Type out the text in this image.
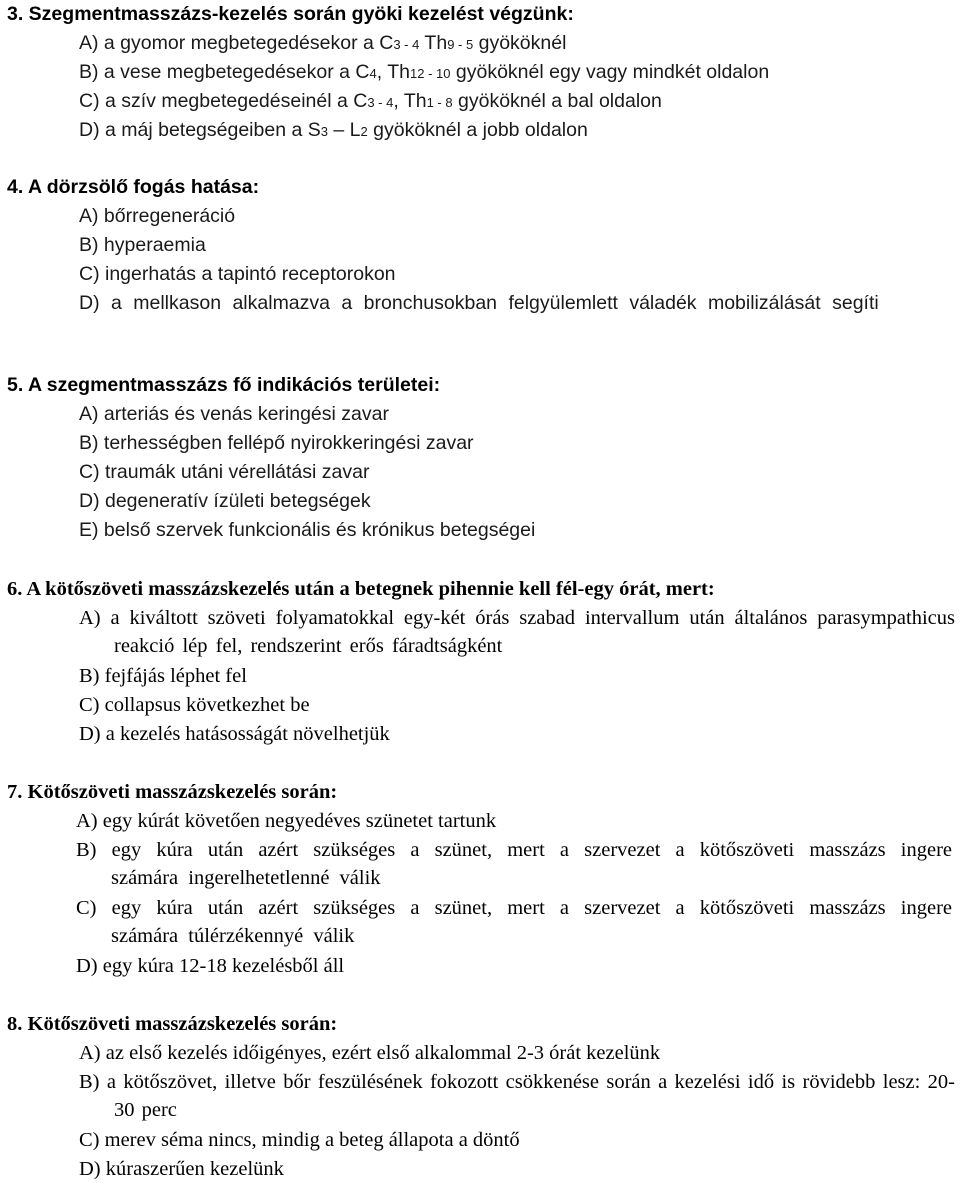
3. Szegmentmasszázs-kezelés során gyöki kezelést végzünk:
A) a gyomor megbetegedésekor a C3 - 4 Th9 - 5 gyököknél
B) a vese megbetegedésekor a C4, Th12 - 10 gyököknél egy vagy mindkét oldalon
C) a szív megbetegedéseinél a C3 - 4, Th1 - 8 gyököknél a bal oldalon
D) a máj betegségeiben a S3 – L2 gyököknél a jobb oldalon
4. A dörzsölő fogás hatása:
A) bőrregeneráció
B) hyperaemia
C) ingerhatás a tapintó receptorokon
D) a mellkason alkalmazva a bronchusokban felgyülemlett váladék mobilizálását segíti
5. A szegmentmasszázs fő indikációs területei:
A) arteriás és venás keringési zavar
B) terhességben fellépő nyirokkeringési zavar
C) traumák utáni vérellátási zavar
D) degeneratív ízületi betegségek
E) belső szervek funkcionális és krónikus betegségei
6. A kötőszöveti masszázskezelés után a betegnek pihennie kell fél-egy órát, mert:
A) a kiváltott szöveti folyamatokkal egy-két órás szabad intervallum után általános parasympathicus reakció lép fel, rendszerint erős fáradtságként
B) fejfájás léphet fel
C) collapsus következhet be
D) a kezelés hatásosságát növelhetjük
7. Kötőszöveti masszázskezelés során:
A) egy kúrát követően negyedéves szünetet tartunk
B) egy kúra után azért szükséges a szünet, mert a szervezet a kötőszöveti masszázs ingere számára ingerelhetetlenné válik
C) egy kúra után azért szükséges a szünet, mert a szervezet a kötőszöveti masszázs ingere számára túlérzékennyé válik
D) egy kúra 12-18 kezelésből áll
8. Kötőszöveti masszázskezelés során:
A) az első kezelés időigényes, ezért első alkalommal 2-3 órát kezelünk
B) a kötőszövet, illetve bőr feszülésének fokozott csökkenése során a kezelési idő is rövidebb lesz: 20-30 perc
C) merev séma nincs, mindig a beteg állapota a döntő
D) kúraszerűen kezelünk
